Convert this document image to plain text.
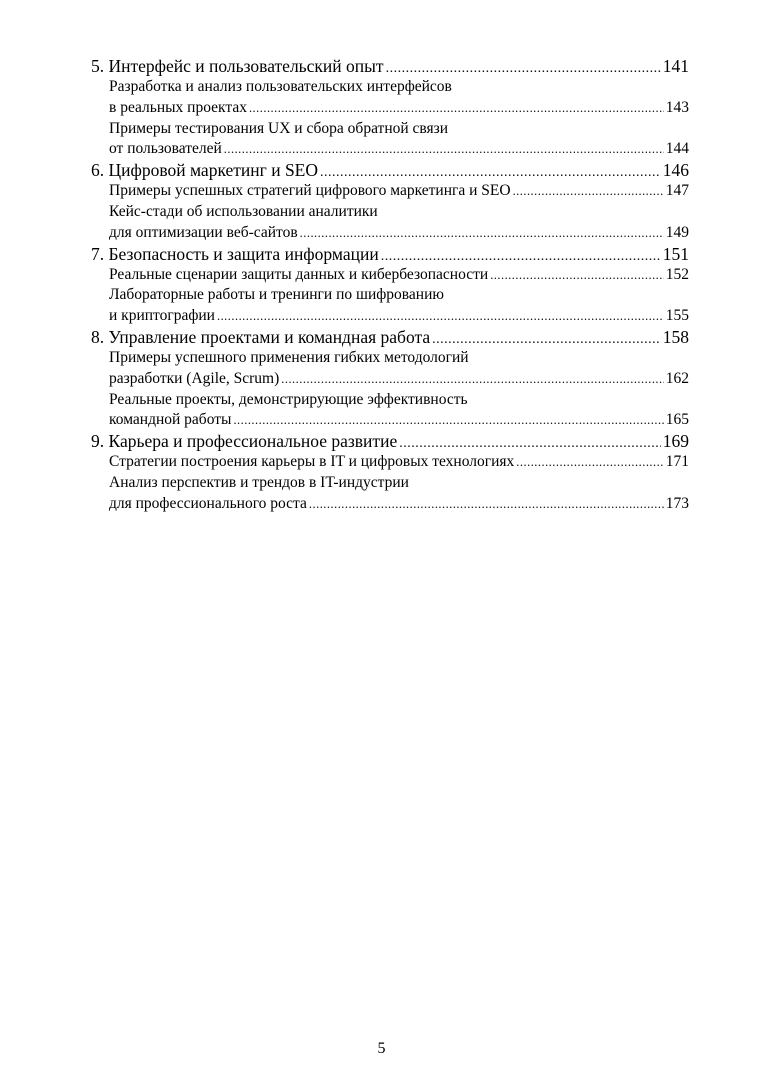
5. Интерфейс и пользовательский опыт .....	141
Разработка и анализ пользовательских интерфейсов
в реальных проектах .....	143
Примеры тестирования UX и сбора обратной связи
от пользователей .....	144
6. Цифровой маркетинг и SEO .....	146
Примеры успешных стратегий цифрового маркетинга и SEO .....	147
Кейс-стади об использовании аналитики
для оптимизации веб-сайтов .....	149
7. Безопасность и защита информации .....	151
Реальные сценарии защиты данных и кибербезопасности .....	152
Лабораторные работы и тренинги по шифрованию
и криптографии .....	155
8. Управление проектами и командная работа .....	158
Примеры успешного применения гибких методологий
разработки (Agile, Scrum) .....	162
Реальные проекты, демонстрирующие эффективность
командной работы .....	165
9. Карьера и профессиональное развитие .....	169
Стратегии построения карьеры в IT и цифровых технологиях .....	171
Анализ перспектив и трендов в IT-индустрии
для профессионального роста .....	173
5
